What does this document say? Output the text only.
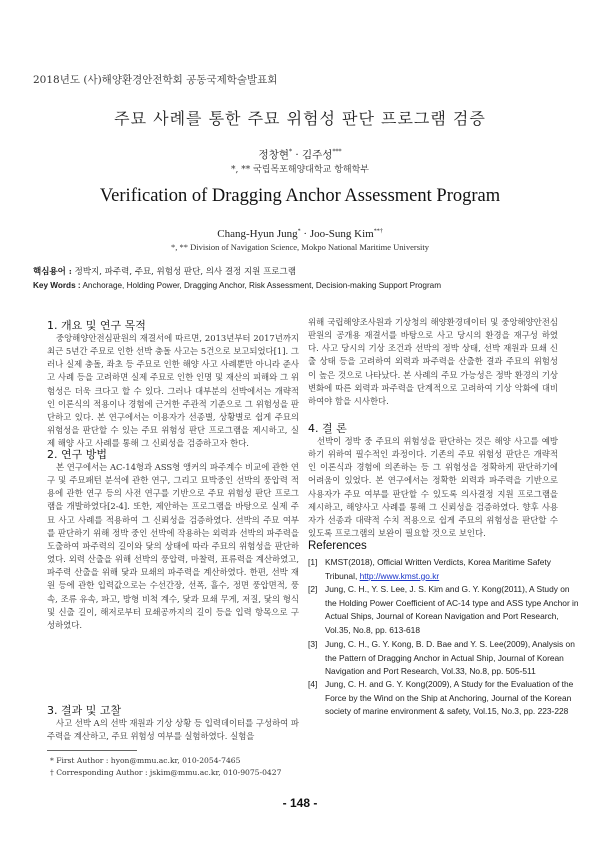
2018년도 (사)해양환경안전학회 공동국제학술발표회
주묘 사례를 통한 주묘 위험성 판단 프로그램 검증
정창현* · 김주성***
*, ** 국립목포해양대학교 항해학부
Verification of Dragging Anchor Assessment Program
Chang-Hyun Jung* · Joo-Sung Kim**†
*, ** Division of Navigation Science, Mokpo National Maritime University
핵심용어 : 정박지, 파주력, 주묘, 위험성 판단, 의사 결정 지원 프로그램
Key Words : Anchorage, Holding Power, Dragging Anchor, Risk Assessment, Decision-making Support Program
1. 개요 및 연구 목적

중앙해양안전심판원의 재결서에 따르면, 2013년부터 2017년까지 최근 5년간 주묘로 인한 선박 충돌 사고는 5건으로 보고되었다[1]. 그러나 실제 충돌, 좌초 등 주묘로 인한 해양 사고 사례뿐만 아니라 준사고 사례 등을 고려하면 실제 주묘로 인한 인명 및 재산의 피해와 그 위험성은 더욱 크다고 할 수 있다. 그러나 대부분의 선박에서는 개략적인 이론식의 적용이나 경험에 근거한 주관적 기준으로 그 위험성을 판단하고 있다. 본 연구에서는 이용자가 선종별, 상황별로 쉽게 주묘의 위험성을 판단할 수 있는 주묘 위험성 판단 프로그램을 제시하고, 실제 해양 사고 사례를 통해 그 신뢰성을 검증하고자 한다.

2. 연구 방법

본 연구에서는 AC-14형과 ASS형 앵커의 파주계수 비교에 관한 연구 및 주묘패턴 분석에 관한 연구, 그리고 묘박중인 선박의 풍압력 적용에 관한 연구 등의 사전 연구를 기반으로 주묘 위험성 판단 프로그램을 개발하였다[2-4]. 또한, 제안하는 프로그램을 바탕으로 실제 주묘 사고 사례를 적용하여 그 신뢰성을 검증하였다. 선박의 주묘 여부를 판단하기 위해 정박 중인 선박에 작용하는 외력과 선박의 파주력을 도출하여 파주력의 길이와 닻의 상태에 따라 주묘의 위험성을 판단하였다. 외력 산출을 위해 선박의 풍압력, 마찰력, 표류력을 계산하였고, 파주력 산출을 위해 닻과 묘쇄의 파주력을 계산하였다. 한편, 선박 재원 등에 관한 입력값으로는 수선간장, 선폭, 흘수, 정면 풍압면적, 풍속, 조류 유속, 파고, 방형 비척 계수, 닻과 묘쇄 무게, 저질, 닻의 형식 및 신출 길이, 해저로부터 묘쇄공까지의 길이 등을 입력 항목으로 구성하였다.

3. 결과 및 고찰

사고 선박 A의 선박 재원과 기상 상황 등 입력데이터를 구성하여 파주력을 계산하고, 주묘 위험성 여부를 실험하였다. 실험을

* First Author : hyon@mmu.ac.kr, 010-2054-7465
† Corresponding Author : jskim@mmu.ac.kr, 010-9075-0427

위해 국립해양조사원과 기상청의 해양환경데이터 및 중앙해양안전심판원의 공개용 재결서를 바탕으로 사고 당시의 환경을 재구성 하였다. 사고 당시의 기상 조건과 선박의 정박 상태, 선박 재원과 묘쇄 신출 상태 등을 고려하여 외력과 파주력을 산출한 결과 주묘의 위험성이 높은 것으로 나타났다. 본 사례의 주묘 가능성은 정박 환경의 기상 변화에 따른 외력과 파주력을 단계적으로 고려하여 기상 악화에 대비하여야 함을 시사한다.

4. 결 론

선박이 정박 중 주묘의 위험성을 판단하는 것은 해양 사고를 예방하기 위하여 필수적인 과정이다. 기존의 주묘 위험성 판단은 개략적인 이론식과 경험에 의존하는 등 그 위험성을 정확하게 판단하기에 어려움이 있었다. 본 연구에서는 정확한 외력과 파주력을 기반으로 사용자가 주묘 여부를 판단할 수 있도록 의사결정 지원 프로그램을 제시하고, 해양사고 사례를 통해 그 신뢰성을 검증하였다. 향후 사용자가 선종과 대략적 수치 적용으로 쉽게 주묘의 위험성을 판단할 수 있도록 프로그램의 보완이 필요할 것으로 보인다.

References
[1] KMST(2018), Official Written Verdicts, Korea Maritime Safety Tribunal, http://www.kmst.go.kr
[2] Jung, C. H., Y. S. Lee, J. S. Kim and G. Y. Kong(2011), A Study on the Holding Power Coefficient of AC-14 type and ASS type Anchor in Actual Ships, Journal of Korean Navigation and Port Research, Vol.35, No.8, pp. 613-618
[3] Jung, C. H., G. Y. Kong, B. D. Bae and Y. S. Lee(2009), Analysis on the Pattern of Dragging Anchor in Actual Ship, Journal of Korean Navigation and Port Research, Vol.33, No.8, pp. 505-511
[4] Jung, C. H. and G. Y. Kong(2009), A Study for the Evaluation of the Force by the Wind on the Ship at Anchoring, Journal of the Korean society of marine environment & safety, Vol.15, No.3, pp. 223-228
- 148 -
